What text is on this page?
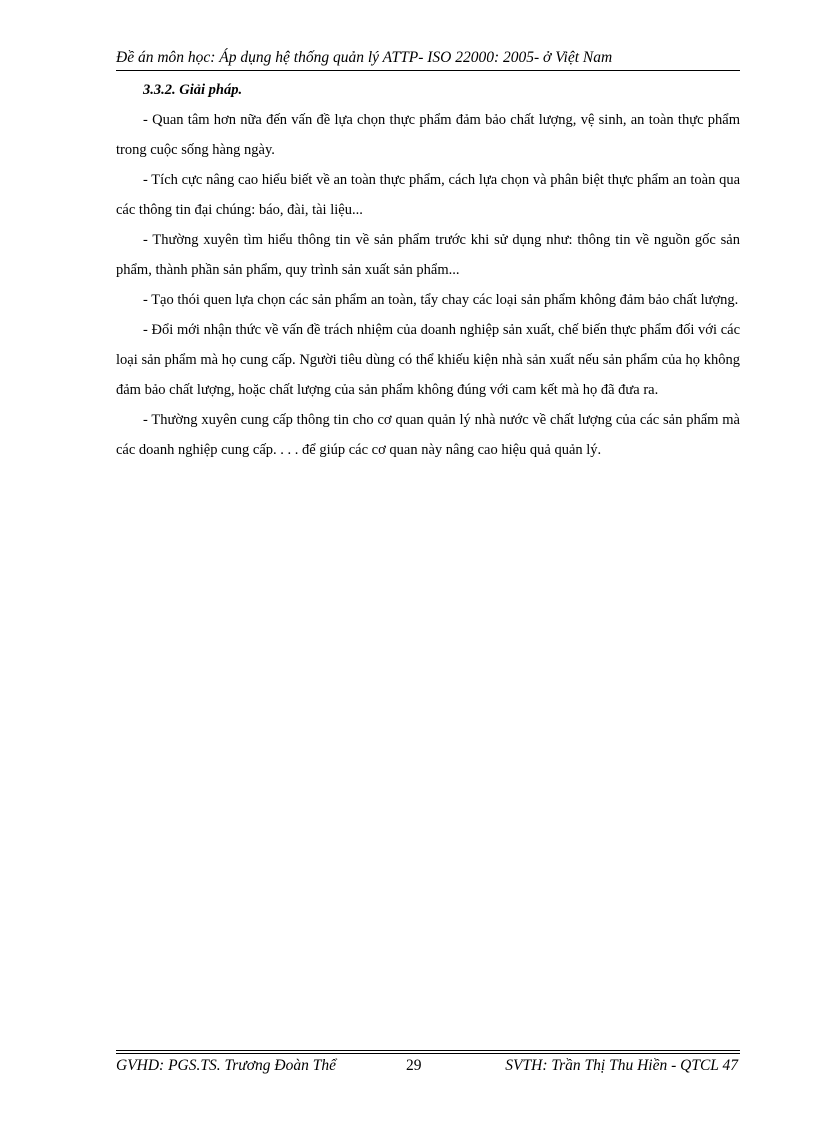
Đề án môn học: Áp dụng hệ thống quản lý ATTP- ISO 22000: 2005- ở Việt Nam

3.3.2. Giải pháp.

- Quan tâm hơn nữa đến vấn đề lựa chọn thực phẩm đảm bảo chất lượng, vệ sinh, an toàn thực phẩm trong cuộc sống hàng ngày.

- Tích cực nâng cao hiểu biết về an toàn thực phẩm, cách lựa chọn và phân biệt thực phẩm an toàn qua các thông tin đại chúng: báo, đài, tài liệu...

- Thường xuyên tìm hiểu thông tin về sản phẩm trước khi sử dụng như: thông tin về nguồn gốc sản phẩm, thành phần sản phẩm, quy trình sản xuất sản phẩm...

- Tạo thói quen lựa chọn các sản phẩm an toàn, tẩy chay các loại sản phẩm không đảm bảo chất lượng.

- Đổi mới nhận thức về vấn đề trách nhiệm của doanh nghiệp sản xuất, chế biến thực phẩm đối với các loại sản phẩm mà họ cung cấp. Người tiêu dùng có thể khiếu kiện nhà sản xuất nếu sản phẩm của họ không đảm bảo chất lượng, hoặc chất lượng của sản phẩm không đúng với cam kết mà họ đã đưa ra.

- Thường xuyên cung cấp thông tin cho cơ quan quản lý nhà nước về chất lượng của các sản phẩm mà các doanh nghiệp cung cấp. . . . để giúp các cơ quan này nâng cao hiệu quả quản lý.

GVHD: PGS.TS. Trương Đoàn Thể	29	SVTH: Trần Thị Thu Hiền - QTCL 47
